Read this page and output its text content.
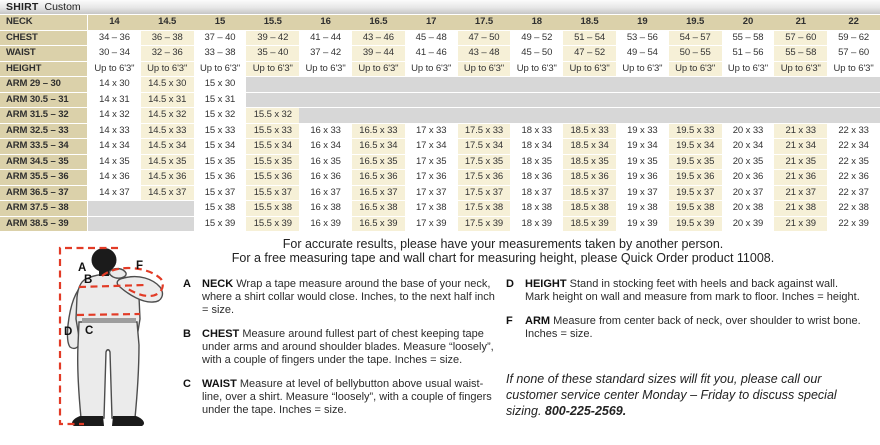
SHIRT Custom
NECK	14	14.5	15	15.5	16	16.5	17	17.5	18	18.5	19	19.5	20	21	22
CHEST	34 – 36	36 – 38	37 – 40	39 – 42	41 – 44	43 – 46	45 – 48	47 – 50	49 – 52	51 – 54	53 – 56	54 – 57	55 – 58	57 – 60	59 – 62
WAIST	30 – 34	32 – 36	33 – 38	35 – 40	37 – 42	39 – 44	41 – 46	43 – 48	45 – 50	47 – 52	49 – 54	50 – 55	51 – 56	55 – 58	57 – 60
HEIGHT	Up to 6'3"	Up to 6'3"	Up to 6'3"	Up to 6'3"	Up to 6'3"	Up to 6'3"	Up to 6'3"	Up to 6'3"	Up to 6'3"	Up to 6'3"	Up to 6'3"	Up to 6'3"	Up to 6'3"	Up to 6'3"	Up to 6'3"
ARM 29 – 30	14 x 30	14.5 x 30	15 x 30												
ARM 30.5 – 31	14 x 31	14.5 x 31	15 x 31												
ARM 31.5 – 32	14 x 32	14.5 x 32	15 x 32	15.5 x 32											
ARM 32.5 – 33	14 x 33	14.5 x 33	15 x 33	15.5 x 33	16 x 33	16.5 x 33	17 x 33	17.5 x 33	18 x 33	18.5 x 33	19 x 33	19.5 x 33	20 x 33	21 x 33	22 x 33
ARM 33.5 – 34	14 x 34	14.5 x 34	15 x 34	15.5 x 34	16 x 34	16.5 x 34	17 x 34	17.5 x 34	18 x 34	18.5 x 34	19 x 34	19.5 x 34	20 x 34	21 x 34	22 x 34
ARM 34.5 – 35	14 x 35	14.5 x 35	15 x 35	15.5 x 35	16 x 35	16.5 x 35	17 x 35	17.5 x 35	18 x 35	18.5 x 35	19 x 35	19.5 x 35	20 x 35	21 x 35	22 x 35
ARM 35.5 – 36	14 x 36	14.5 x 36	15 x 36	15.5 x 36	16 x 36	16.5 x 36	17 x 36	17.5 x 36	18 x 36	18.5 x 36	19 x 36	19.5 x 36	20 x 36	21 x 36	22 x 36
ARM 36.5 – 37	14 x 37	14.5 x 37	15 x 37	15.5 x 37	16 x 37	16.5 x 37	17 x 37	17.5 x 37	18 x 37	18.5 x 37	19 x 37	19.5 x 37	20 x 37	21 x 37	22 x 37
ARM 37.5 – 38			15 x 38	15.5 x 38	16 x 38	16.5 x 38	17 x 38	17.5 x 38	18 x 38	18.5 x 38	19 x 38	19.5 x 38	20 x 38	21 x 38	22 x 38
ARM 38.5 – 39			15 x 39	15.5 x 39	16 x 39	16.5 x 39	17 x 39	17.5 x 39	18 x 39	18.5 x 39	19 x 39	19.5 x 39	20 x 39	21 x 39	22 x 39
For accurate results, please have your measurements taken by another person.
For a free measuring tape and wall chart for measuring height, please Quick Order product 11008.
A
B
C
D
F
A	NECK Wrap a tape measure around the base of your neck, where a shirt collar would close. Inches, to the next half inch = size.

B	CHEST Measure around fullest part of chest keeping tape under arms and around shoulder blades. Measure “loosely”, with a couple of fingers under the tape. Inches = size.

C	WAIST Measure at level of bellybutton above usual waist-line, over a shirt. Measure “loosely”, with a couple of fingers under the tape. Inches = size.

D	HEIGHT Stand in stocking feet with heels and back against wall. Mark height on wall and measure from mark to floor. Inches = height.

F	ARM Measure from center back of neck, over shoulder to wrist bone. Inches = size.

If none of these standard sizes will fit you, please call our customer service center Monday – Friday to discuss special sizing. 800-225-2569.
